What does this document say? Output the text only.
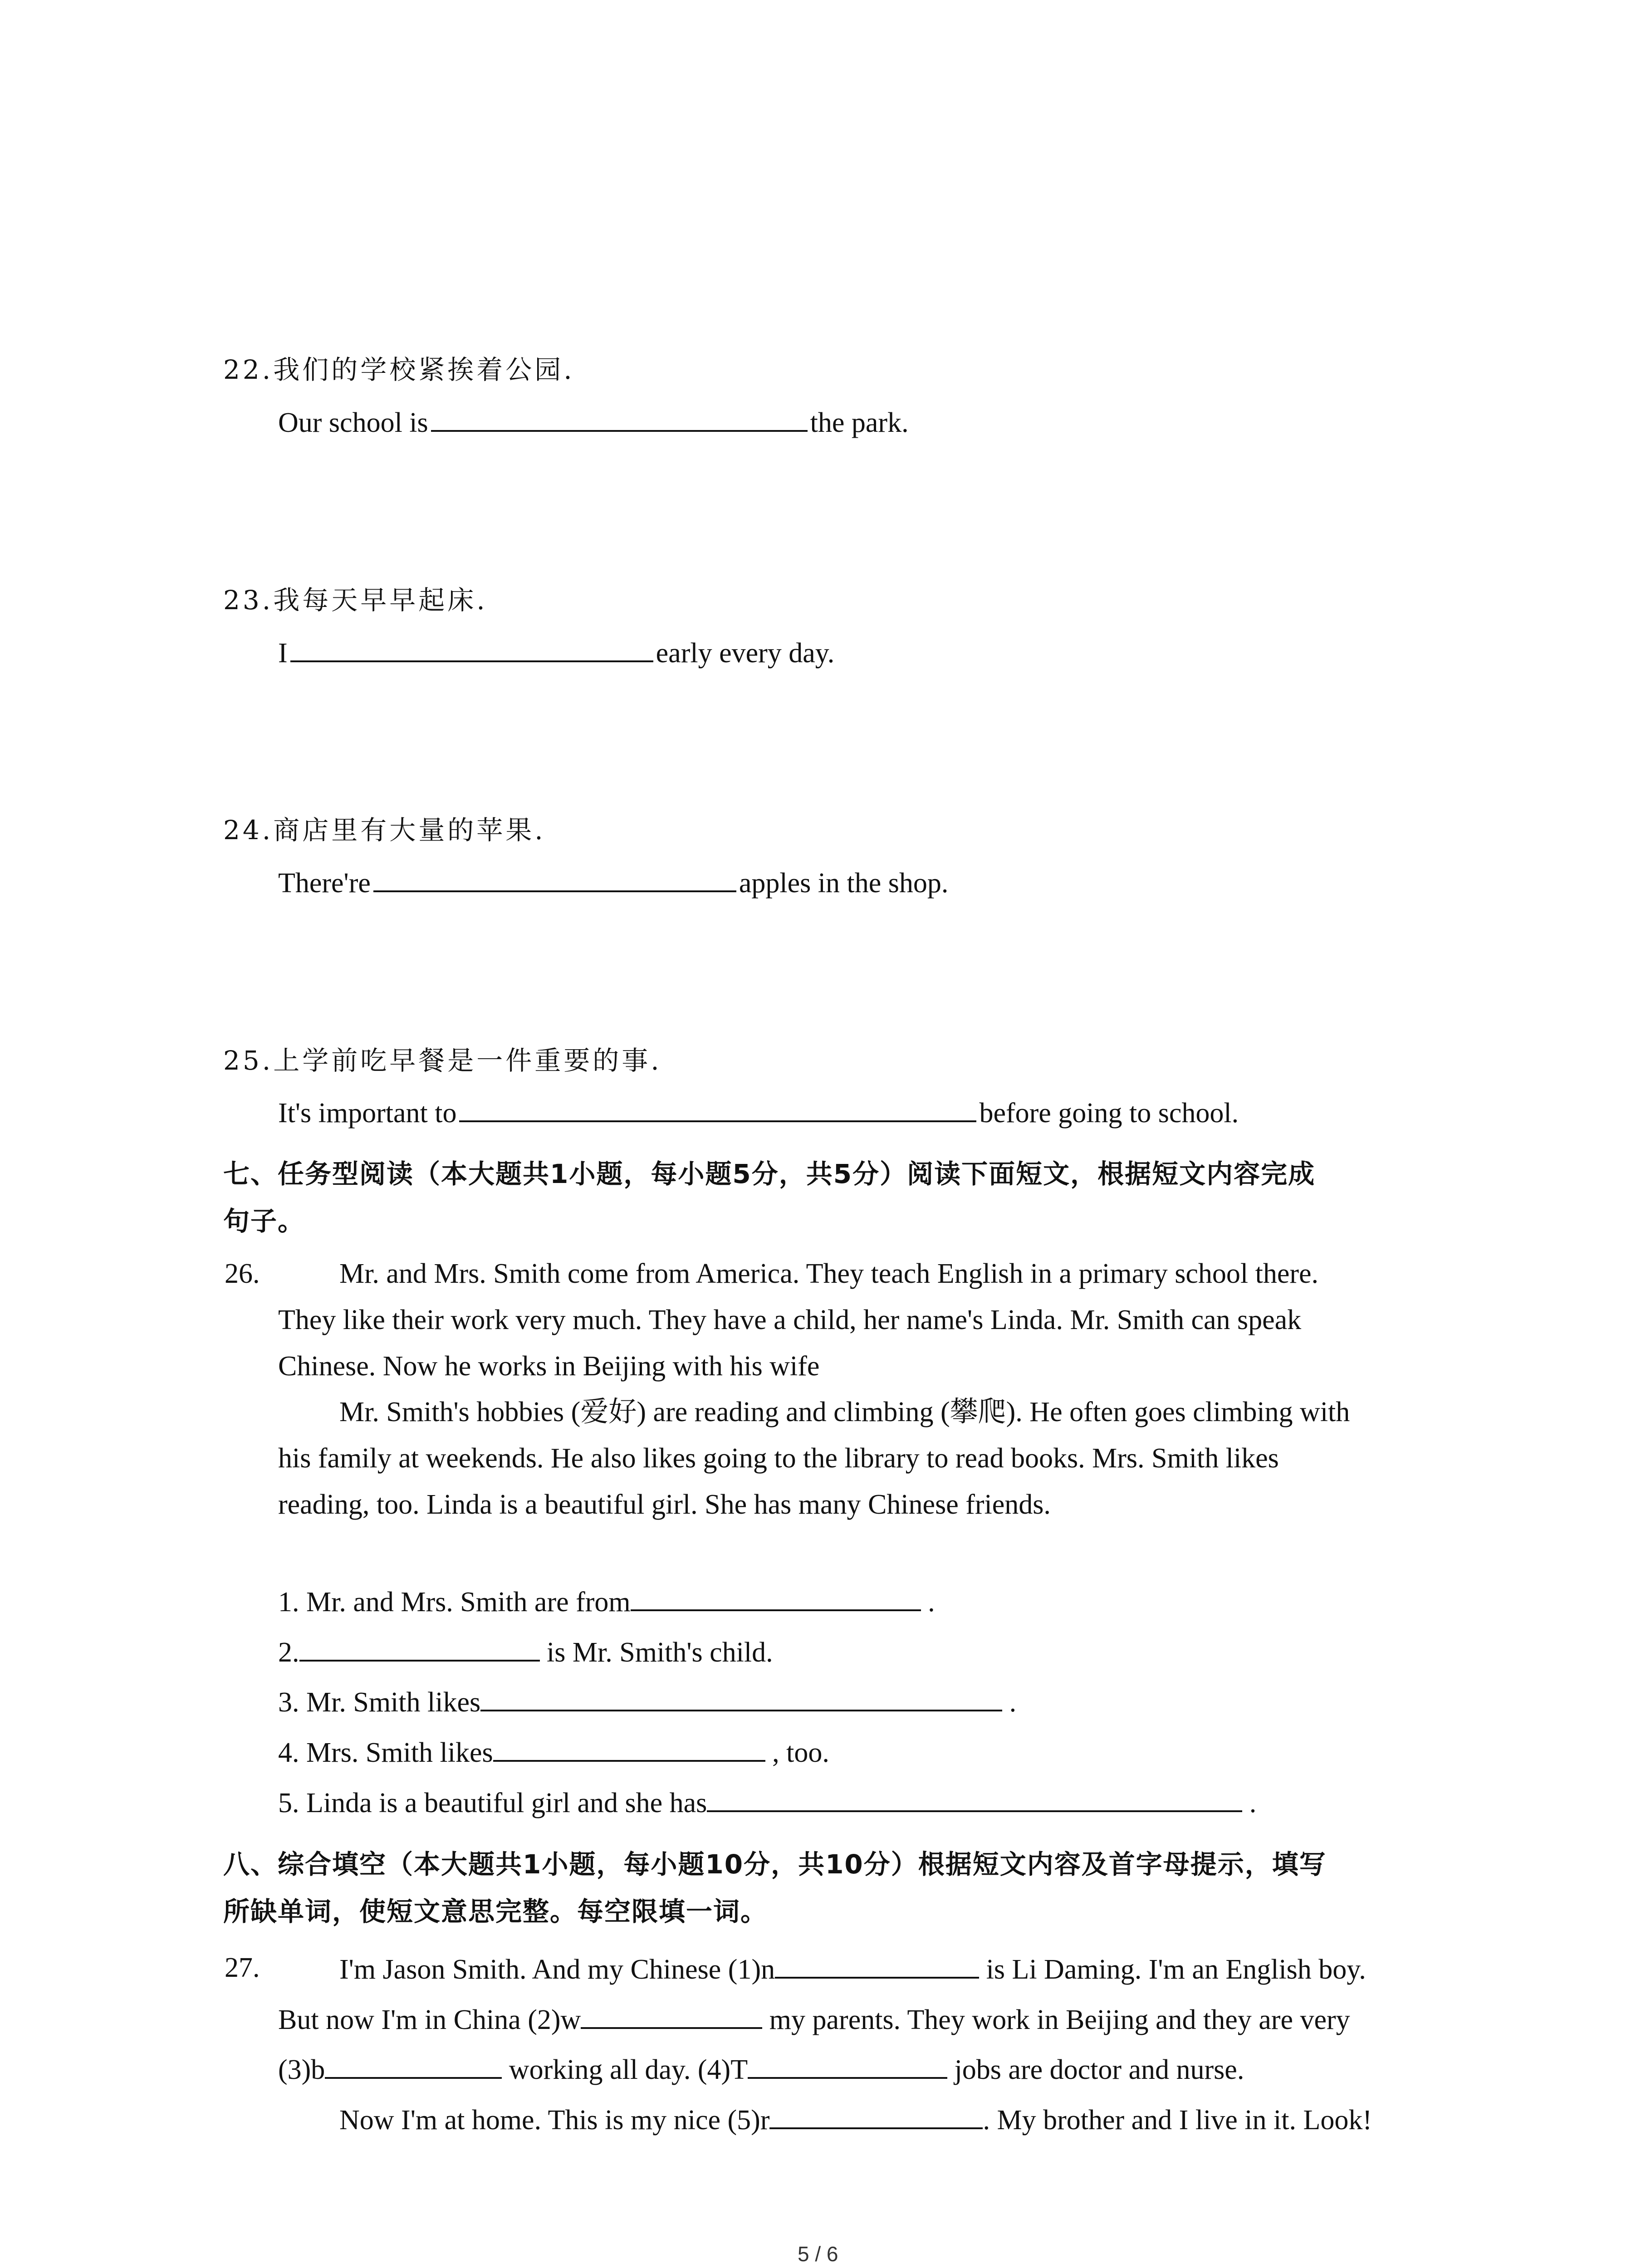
22.我们的学校紧挨着公园.
Our school is	the park.
23.我每天早早起床.
I	early every day.
24.商店里有大量的苹果.
There're	apples in the shop.
25.上学前吃早餐是一件重要的事.
It's important to	before going to school.
七、任务型阅读（本大题共1小题，每小题5分，共5分）阅读下面短文，根据短文内容完成
句子。
26.	Mr. and Mrs. Smith come from America. They teach English in a primary school there.
They like their work very much. They have a child, her name's Linda. Mr. Smith can speak
Chinese. Now he works in Beijing with his wife
Mr. Smith's hobbies (爱好) are reading and climbing (攀爬). He often goes climbing with
his family at weekends. He also likes going to the library to read books. Mrs. Smith likes
reading, too. Linda is a beautiful girl. She has many Chinese friends.
1. Mr. and Mrs. Smith are from	.
2.	is Mr. Smith's child.
3. Mr. Smith likes	.
4. Mrs. Smith likes	, too.
5. Linda is a beautiful girl and she has	.
八、综合填空（本大题共1小题，每小题10分，共10分）根据短文内容及首字母提示，填写
所缺单词，使短文意思完整。每空限填一词。
27.	I'm Jason Smith. And my Chinese (1)n	is Li Daming. I'm an English boy.
But now I'm in China (2)w	my parents. They work in Beijing and they are very
(3)b	working all day. (4)T	jobs are doctor and nurse.
Now I'm at home. This is my nice (5)r	. My brother and I live in it. Look!
5 / 6
